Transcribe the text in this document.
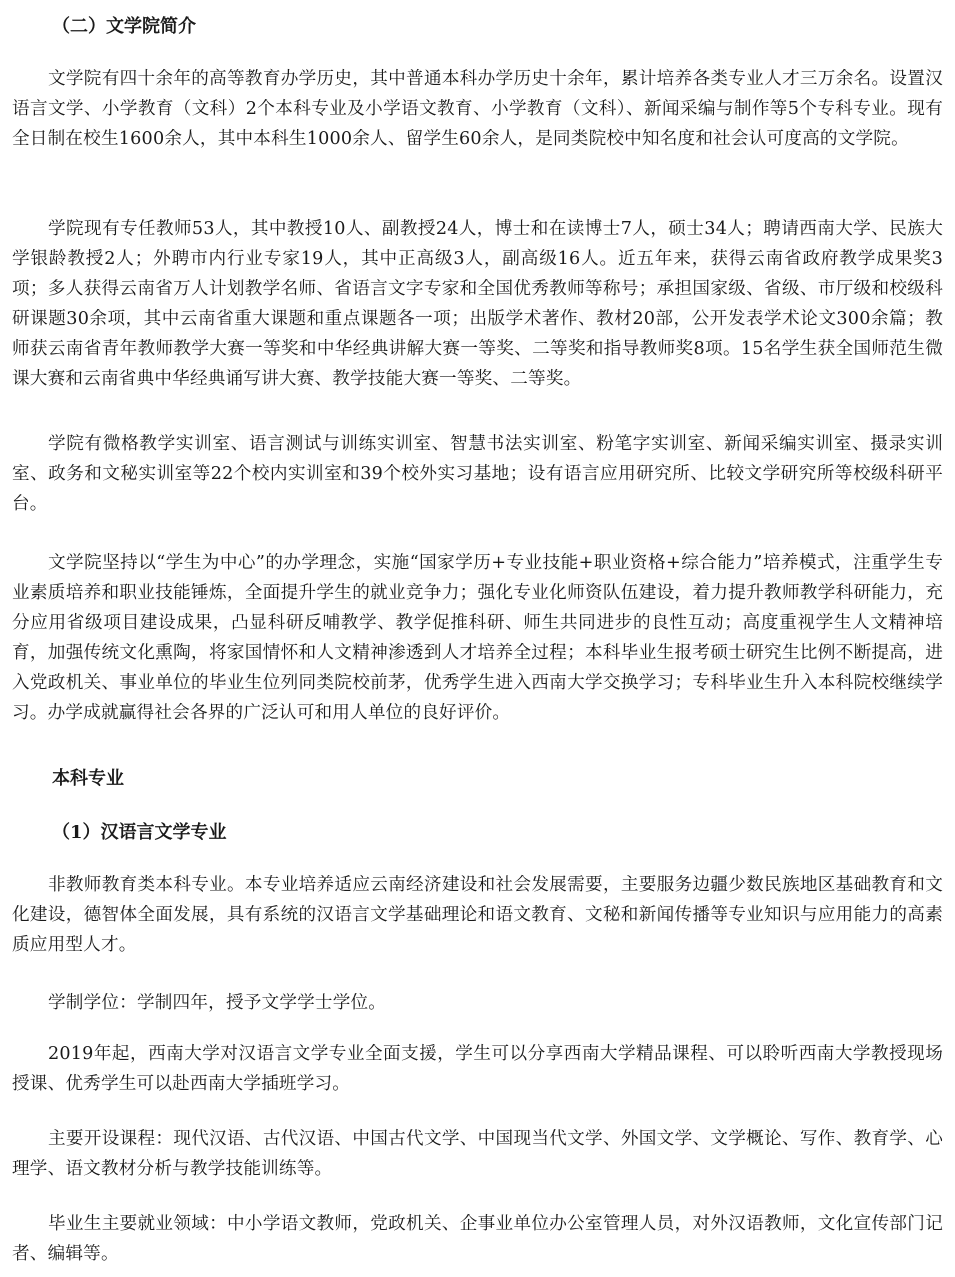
（二）文学院简介

文学院有四十余年的高等教育办学历史，其中普通本科办学历史十余年，累计培养各类专业人才三万余名。设置汉语言文学、小学教育（文科）2个本科专业及小学语文教育、小学教育（文科）、新闻采编与制作等5个专科专业。现有全日制在校生1600余人，其中本科生1000余人、留学生60余人，是同类院校中知名度和社会认可度高的文学院。

学院现有专任教师53人，其中教授10人、副教授24人，博士和在读博士7人，硕士34人；聘请西南大学、民族大学银龄教授2人；外聘市内行业专家19人，其中正高级3人，副高级16人。近五年来，获得云南省政府教学成果奖3项；多人获得云南省万人计划教学名师、省语言文字专家和全国优秀教师等称号；承担国家级、省级、市厅级和校级科研课题30余项，其中云南省重大课题和重点课题各一项；出版学术著作、教材20部，公开发表学术论文300余篇；教师获云南省青年教师教学大赛一等奖和中华经典讲解大赛一等奖、二等奖和指导教师奖8项。15名学生获全国师范生微课大赛和云南省典中华经典诵写讲大赛、教学技能大赛一等奖、二等奖。

学院有微格教学实训室、语言测试与训练实训室、智慧书法实训室、粉笔字实训室、新闻采编实训室、摄录实训室、政务和文秘实训室等22个校内实训室和39个校外实习基地；设有语言应用研究所、比较文学研究所等校级科研平台。

文学院坚持以“学生为中心”的办学理念，实施“国家学历+专业技能+职业资格+综合能力”培养模式，注重学生专业素质培养和职业技能锤炼，全面提升学生的就业竞争力；强化专业化师资队伍建设，着力提升教师教学科研能力，充分应用省级项目建设成果，凸显科研反哺教学、教学促推科研、师生共同进步的良性互动；高度重视学生人文精神培育，加强传统文化熏陶，将家国情怀和人文精神渗透到人才培养全过程；本科毕业生报考硕士研究生比例不断提高，进入党政机关、事业单位的毕业生位列同类院校前茅，优秀学生进入西南大学交换学习；专科毕业生升入本科院校继续学习。办学成就赢得社会各界的广泛认可和用人单位的良好评价。

本科专业
（1）汉语言文学专业

非教师教育类本科专业。本专业培养适应云南经济建设和社会发展需要，主要服务边疆少数民族地区基础教育和文化建设，德智体全面发展，具有系统的汉语言文学基础理论和语文教育、文秘和新闻传播等专业知识与应用能力的高素质应用型人才。

学制学位：学制四年，授予文学学士学位。

2019年起，西南大学对汉语言文学专业全面支援，学生可以分享西南大学精品课程、可以聆听西南大学教授现场授课、优秀学生可以赴西南大学插班学习。

主要开设课程：现代汉语、古代汉语、中国古代文学、中国现当代文学、外国文学、文学概论、写作、教育学、心理学、语文教材分析与教学技能训练等。

毕业生主要就业领域：中小学语文教师，党政机关、企事业单位办公室管理人员，对外汉语教师，文化宣传部门记者、编辑等。
